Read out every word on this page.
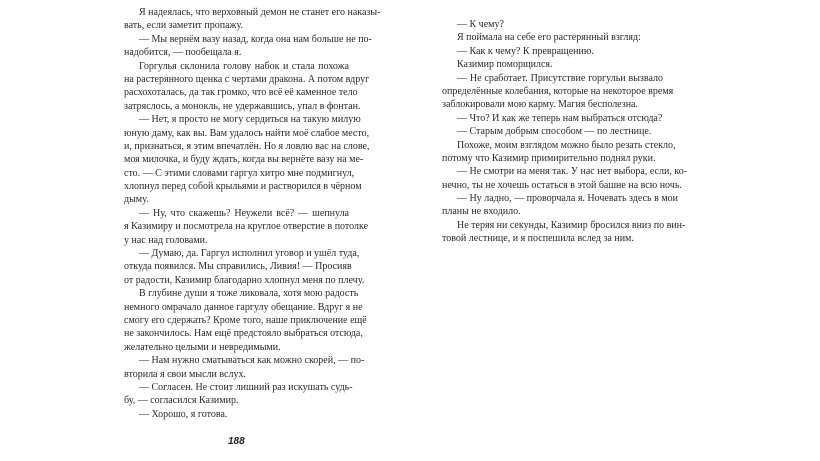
Я надеялась, что верховный демон не станет его наказы-
вать, если заметит пропажу.
— Мы вернём вазу назад, когда она нам больше не по-
надобится, — пообещала я.
Горгулья склонила голову набок и стала похожа
на растерянного щенка с чертами дракона. А потом вдруг
расхохоталась, да так громко, что всё её каменное тело
затряслось, а монокль, не удержавшись, упал в фонтан.
— Нет, я просто не могу сердиться на такую милую
юную даму, как вы. Вам удалось найти моё слабое место,
и, признаться, я этим впечатлён. Но я ловлю вас на слове,
моя милочка, и буду ждать, когда вы вернёте вазу на ме-
сто. — С этими словами гаргул хитро мне подмигнул,
хлопнул перед собой крыльями и растворился в чёрном
дыму.
— Ну, что скажешь? Неужели всё? — шепнула
я Казимиру и посмотрела на круглое отверстие в потолке
у нас над головами.
— Думаю, да. Гаргул исполнил уговор и ушёл туда,
откуда появился. Мы справились, Ливия! — Просияв
от радости, Казимир благодарно хлопнул меня по плечу.
В глубине души я тоже ликовала, хотя мою радость
немного омрачало данное гаргулу обещание. Вдруг я не
смогу его сдержать? Кроме того, наше приключение ещё
не закончилось. Нам ещё предстояло выбраться отсюда,
желательно целыми и невредимыми.
— Нам нужно сматываться как можно скорей, — по-
вторила я свои мысли вслух.
— Согласен. Не стоит лишний раз искушать судь-
бу, — согласился Казимир.
— Хорошо, я готова.
— К чему?
Я поймала на себе его растерянный взгляд:
— Как к чему? К превращению.
Казимир поморщился.
— Не сработает. Присутствие горгульи вызвало
определённые колебания, которые на некоторое время
заблокировали мою карму. Магия бесполезна.
— Что? И как же теперь нам выбраться отсюда?
— Старым добрым способом — по лестнице.
Похоже, моим взглядом можно было резать стекло,
потому что Казимир примирительно поднял руки.
— Не смотри на меня так. У нас нет выбора, если, ко-
нечно, ты не хочешь остаться в этой башне на всю ночь.
— Ну ладно, — проворчала я. Ночевать здесь в мои
планы не входило.
Не теряя ни секунды, Казимир бросился вниз по вин-
товой лестнице, и я поспешила вслед за ним.
188
